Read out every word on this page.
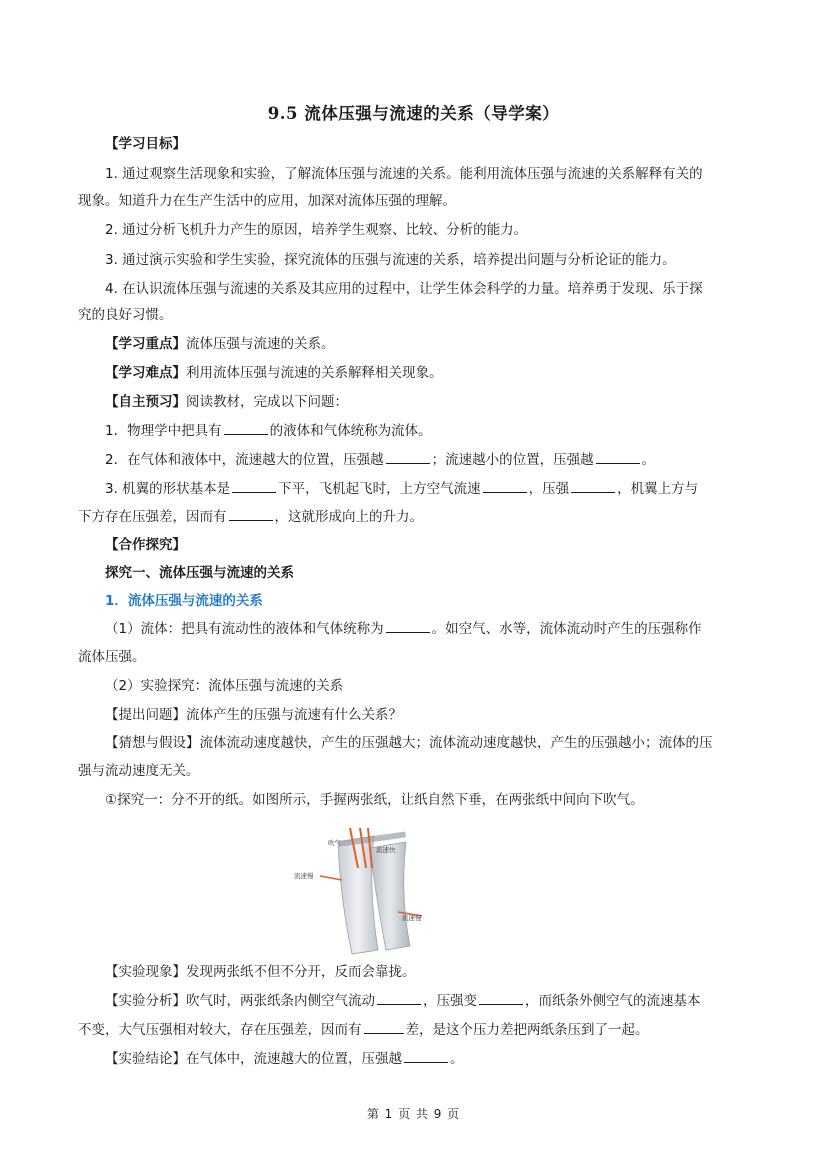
9.5 流体压强与流速的关系（导学案）
【学习目标】
1. 通过观察生活现象和实验，了解流体压强与流速的关系。能利用流体压强与流速的关系解释有关的
现象。知道升力在生产生活中的应用，加深对流体压强的理解。
2. 通过分析飞机升力产生的原因，培养学生观察、比较、分析的能力。
3. 通过演示实验和学生实验，探究流体的压强与流速的关系，培养提出问题与分析论证的能力。
4. 在认识流体压强与流速的关系及其应用的过程中，让学生体会科学的力量。培养勇于发现、乐于探
究的良好习惯。
【学习重点】流体压强与流速的关系。
【学习难点】利用流体压强与流速的关系解释相关现象。
【自主预习】阅读教材，完成以下问题：
1．物理学中把具有	的液体和气体统称为流体。
2．在气体和液体中，流速越大的位置，压强越	；流速越小的位置，压强越	。
3. 机翼的形状基本是	下平，飞机起飞时，上方空气流速	，压强	，机翼上方与
下方存在压强差，因而有	，这就形成向上的升力。
【合作探究】
探究一、流体压强与流速的关系
1．流体压强与流速的关系
（1）流体：把具有流动性的液体和气体统称为	。如空气、水等，流体流动时产生的压强称作
流体压强。
（2）实验探究：流体压强与流速的关系
【提出问题】流体产生的压强与流速有什么关系？
【猜想与假设】流体流动速度越快，产生的压强越大；流体流动速度越快，产生的压强越小；流体的压
强与流动速度无关。
①探究一：分不开的纸。如图所示，手握两张纸，让纸自然下垂，在两张纸中间向下吹气。
吹气
流速快
流速慢
流速慢
【实验现象】发现两张纸不但不分开，反而会靠拢。
【实验分析】吹气时，两张纸条内侧空气流动	，压强变	，而纸条外侧空气的流速基本
不变，大气压强相对较大，存在压强差，因而有	差，是这个压力差把两纸条压到了一起。
【实验结论】在气体中，流速越大的位置，压强越	。
第 1 页 共 9 页
